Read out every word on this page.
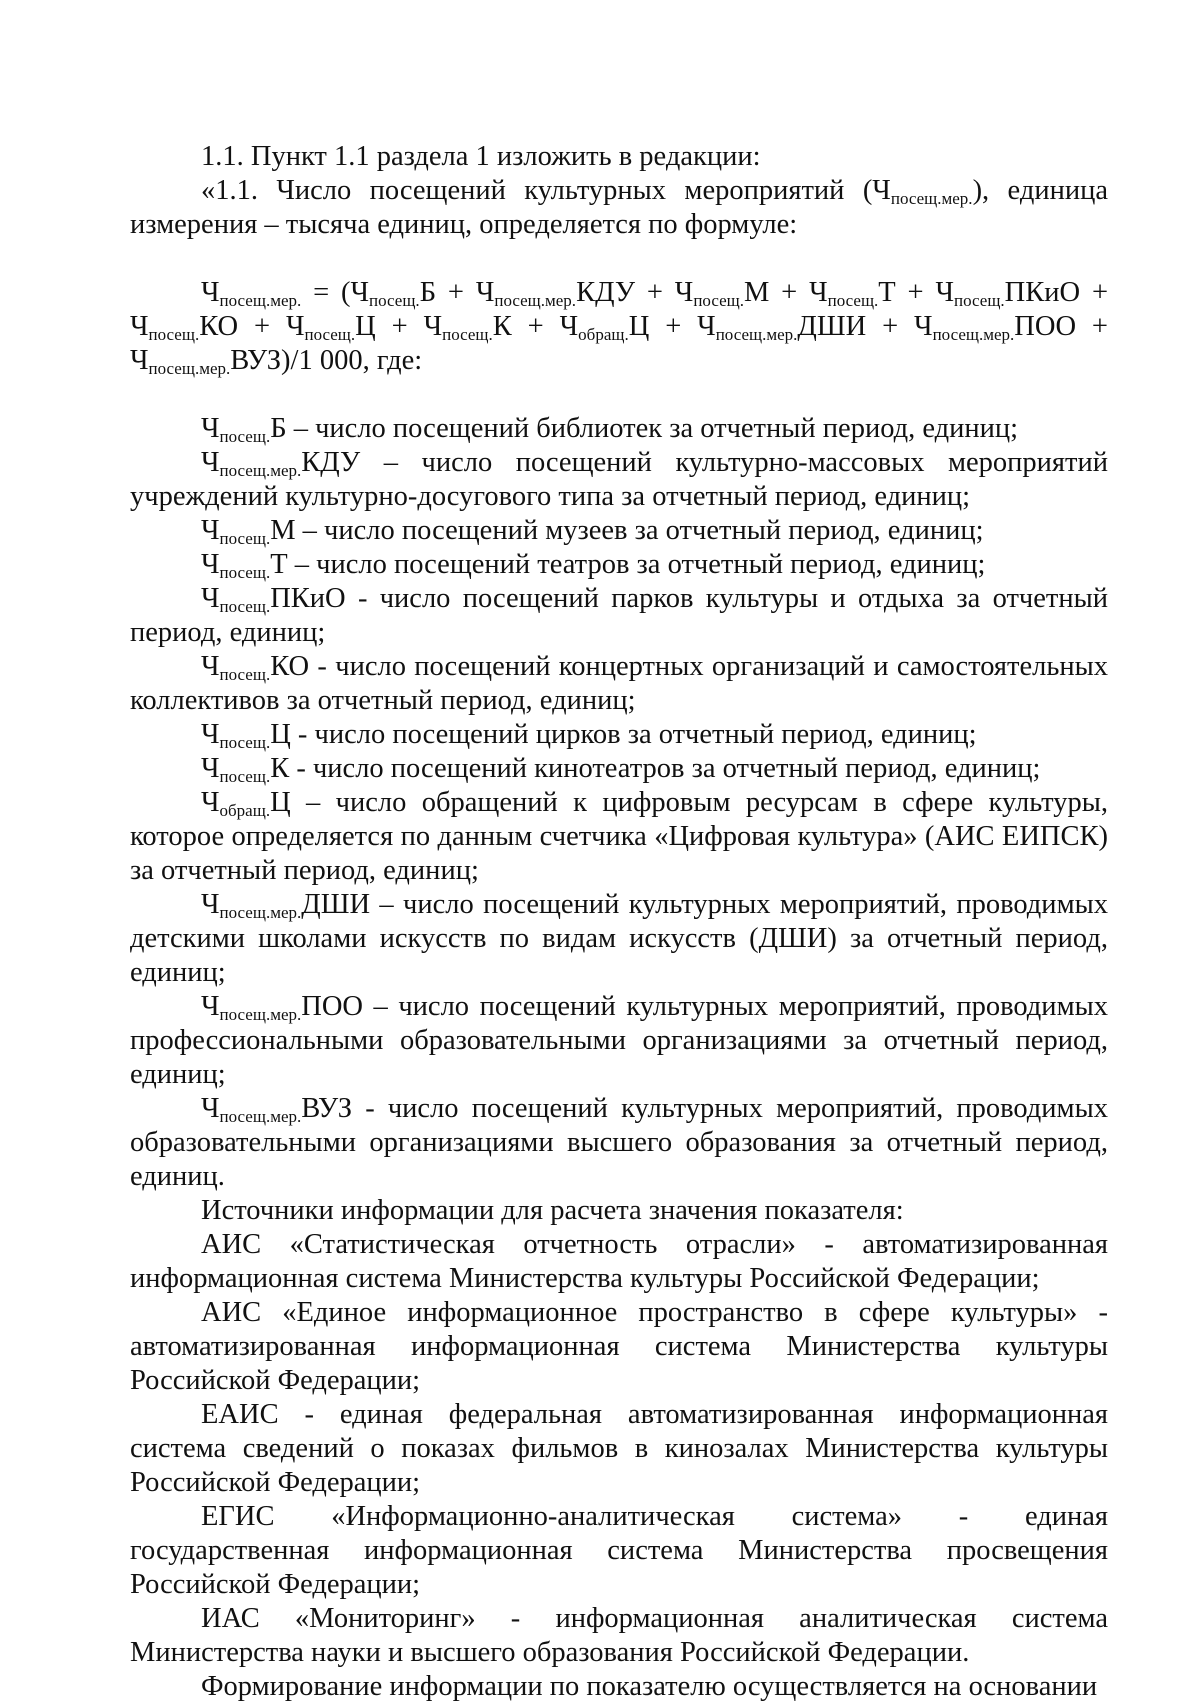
1.1. Пункт 1.1 раздела 1 изложить в редакции:

«1.1. Число посещений культурных мероприятий $(Ч_{посещ.мер.})$, единица измерения – тысяча единиц, определяется по формуле:

$Ч_{посещ.мер.} = (Ч_{посещ.}Б + Ч_{посещ.мер.}КДУ + Ч_{посещ.}М + Ч_{посещ.}Т$ + $Ч_{посещ.}ПКиО + Ч_{посещ.}КО + Ч_{посещ.}Ц + Ч_{посещ.}К + Ч_{обращ.}Ц + Ч_{посещ.мер.}ДШИ + Ч_{посещ.мер.}ПОО + Ч_{посещ.мер.}ВУЗ)/1$ 000, где:

$Ч_{посещ.}Б$ – число посещений библиотек за отчетный период, единиц;

$Ч_{посещ.мер.}КДУ$ – число посещений культурно-массовых мероприятий учреждений культурно-досугового типа за отчетный период, единиц;

$Ч_{посещ.}М$ – число посещений музеев за отчетный период, единиц;

$Ч_{посещ.}Т$ – число посещений театров за отчетный период, единиц;

$Ч_{посещ.}ПКиО$ - число посещений парков культуры и отдыха за отчетный период, единиц;

$Ч_{посещ.}КО$ - число посещений концертных организаций и самостоятельных коллективов за отчетный период, единиц;

$Ч_{посещ.}Ц$ - число посещений цирков за отчетный период, единиц;

$Ч_{посещ.}К$ - число посещений кинотеатров за отчетный период, единиц;

$Ч_{обращ.}Ц$ – число обращений к цифровым ресурсам в сфере культуры, которое определяется по данным счетчика «Цифровая культура» (АИС ЕИПСК) за отчетный период, единиц;

$Ч_{посещ.мер.}ДШИ$ – число посещений культурных мероприятий, проводимых детскими школами искусств по видам искусств (ДШИ) за отчетный период, единиц;

$Ч_{посещ.мер.}ПОО$ – число посещений культурных мероприятий, проводимых профессиональными образовательными организациями за отчетный период, единиц;

$Ч_{посещ.мер.}ВУЗ$ - число посещений культурных мероприятий, проводимых образовательными организациями высшего образования за отчетный период, единиц.

Источники информации для расчета значения показателя:

АИС «Статистическая отчетность отрасли» - автоматизированная информационная система Министерства культуры Российской Федерации;

АИС «Единое информационное пространство в сфере культуры» - автоматизированная информационная система Министерства культуры Российской Федерации;

ЕАИС - единая федеральная автоматизированная информационная система сведений о показах фильмов в кинозалах Министерства культуры Российской Федерации;

ЕГИС «Информационно-аналитическая система» - единая государственная информационная система Министерства просвещения Российской Федерации;

ИАС «Мониторинг» - информационная аналитическая система Министерства науки и высшего образования Российской Федерации.

Формирование информации по показателю осуществляется на основании
